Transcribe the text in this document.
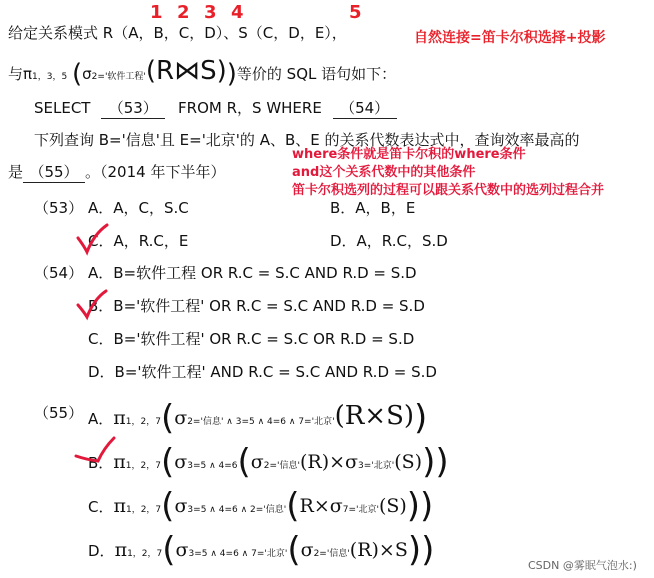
1 2 3 4	5
给定关系模式 R（A，B，C，D）、S（C，D，E），	自然连接=笛卡尔积选择+投影
与π1，3，5 (σ2='软件工程'(R⋈S))等价的 SQL 语句如下：
SELECT （53） FROM R，S WHERE （54）
下列查询 B='信息'且 E='北京'的 A、B、E 的关系代数表达式中，查询效率最高的
是 （55） 。（2014 年下半年）
where条件就是笛卡尔积的where条件
and这个关系代数中的其他条件
笛卡尔积选列的过程可以跟关系代数中的选列过程合并
（53） A．A，C，S.C	B．A，B，E
C．A，R.C，E	D．A，R.C，S.D
（54） A．B=软件工程 OR R.C = S.C AND R.D = S.D
B．B='软件工程' OR R.C = S.C AND R.D = S.D
C．B='软件工程' OR R.C = S.C OR R.D = S.D
D．B='软件工程' AND R.C = S.C AND R.D = S.D
（55） A．π1，2，7(σ2='信息' ∧ 3=5 ∧ 4=6 ∧ 7='北京'(R×S))
B．π1，2，7(σ3=5 ∧ 4=6(σ2='信息'(R)×σ3='北京'(S)))
C．π1，2，7(σ3=5 ∧ 4=6 ∧ 2='信息'(R×σ7='北京'(S)))
D．π1，2，7(σ3=5 ∧ 4=6 ∧ 7='北京'(σ2='信息'(R)×S))	CSDN @雾眠气泡水:)
